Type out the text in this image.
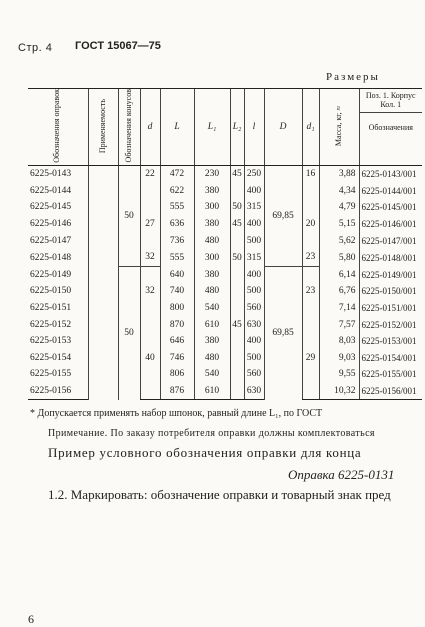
Стр. 4 ГОСТ 15067—75
Размеры
Обозначения оправок	Применяемость	Обозначения конусов	d	L	L₁	L₂	l	D	d₁	Масса, кг, ≈	Поз. 1. Корпус Кол. 1
Обозначения

6225-0143		50	22	472	230	45	250	69,85	16	3,88	6225-0143/001
6225-0144				622	380		400			4,34	6225-0144/001
6225-0145				555	300	50	315			4,79	6225-0145/001
6225-0146			27	636	380	45	400		20	5,15	6225-0146/001
6225-0147				736	480		500			5,62	6225-0147/001
6225-0148			32	555	300	50	315		23	5,80	6225-0148/001
6225-0149		50		640	380		400	69,85		6,14	6225-0149/001
6225-0150			32	740	480		500		23	6,76	6225-0150/001
6225-0151				800	540		560			7,14	6225-0151/001
6225-0152				870	610	45	630			7,57	6225-0152/001
6225-0153				646	380		400			8,03	6225-0153/001
6225-0154			40	746	480		500		29	9,03	6225-0154/001
6225-0155				806	540		560			9,55	6225-0155/001
6225-0156				876	610		630			10,32	6225-0156/001
* Допускается применять набор шпонок, равный длине L₁, по ГОСТ
Примечание. По заказу потребителя оправки должны комплектоваться
Пример условного обозначения оправки для конца
Оправка 6225-0131
1.2. Маркировать: обозначение оправки и товарный знак пред
6
